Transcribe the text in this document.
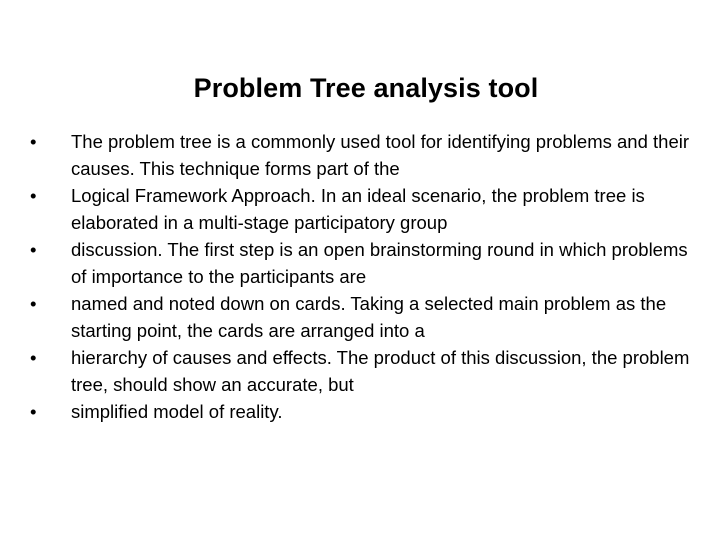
Problem Tree analysis tool
•	The problem tree is a commonly used tool for identifying problems and their causes. This technique forms part of the
•	Logical Framework Approach. In an ideal scenario, the problem tree is elaborated in a multi-stage participatory group
•	discussion. The first step is an open brainstorming round in which problems of importance to the participants are
•	named and noted down on cards. Taking a selected main problem as the starting point, the cards are arranged into a
•	hierarchy of causes and effects. The product of this discussion, the problem tree, should show an accurate, but
•	simplified model of reality.
